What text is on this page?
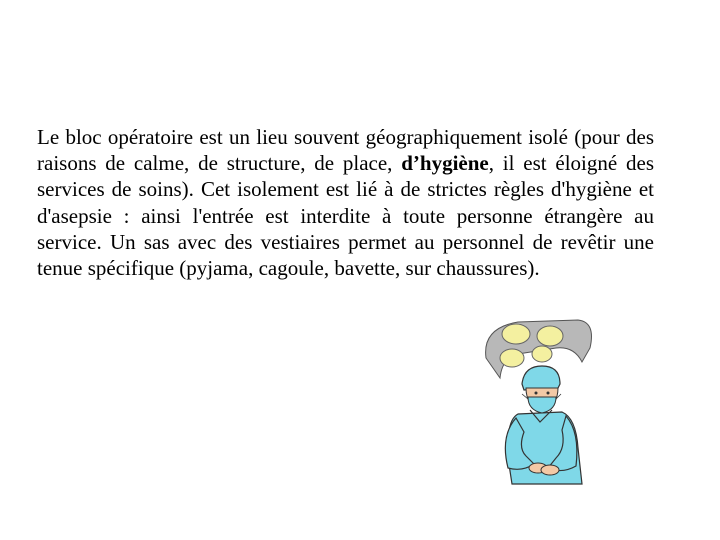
Le bloc opératoire est un lieu souvent géographiquement isolé (pour des raisons de calme, de structure, de place, d’hygiène, il est éloigné des services de soins). Cet isolement est lié à de strictes règles d'hygiène et d'asepsie : ainsi l'entrée est interdite à toute personne étrangère au service. Un sas avec des vestiaires permet au personnel de revêtir une tenue spécifique (pyjama, cagoule, bavette, sur chaussures).
